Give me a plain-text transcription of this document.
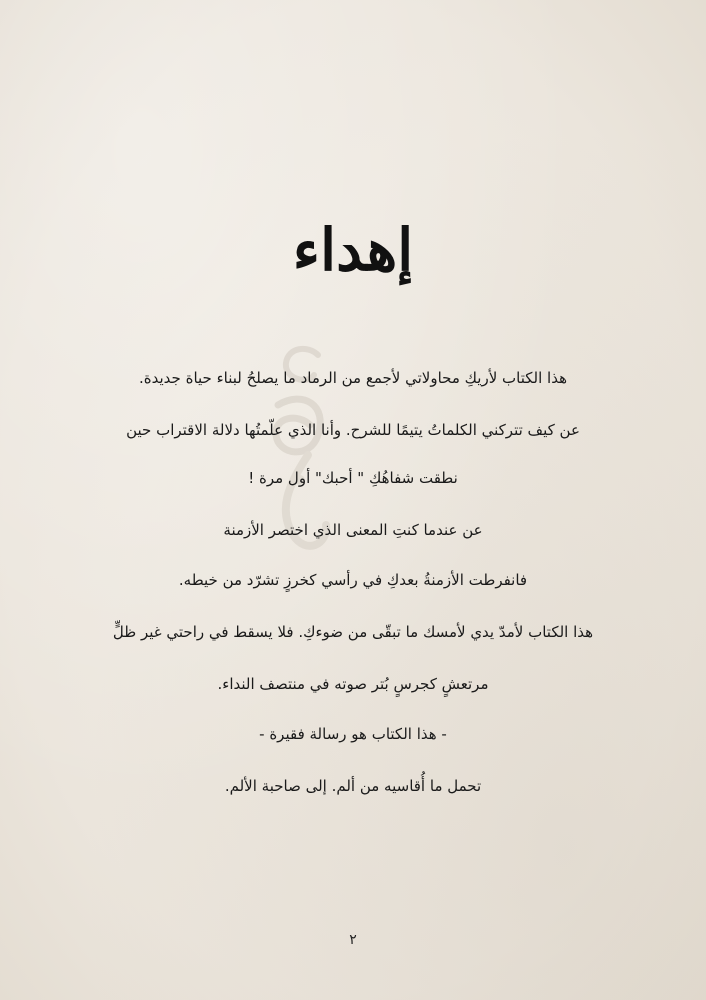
إهداء
هذا الكتاب لأريكِ محاولاتي لأجمع من الرماد ما يصلحُ لبناء حياة جديدة.
عن كيف تتركني الكلماتُ يتيمًا للشرح. وأنا الذي علّمتُها دلالة الاقتراب حين
نطقت شفاهُكِ " أحبك" أول مرة !
عن عندما كنتِ المعنى الذي اختصر الأزمنة
فانفرطت الأزمنةُ بعدكِ في رأسي كخرزٍ تشرّد من خيطه.
هذا الكتاب لأمدّ يدي لأمسك ما تبقّى من ضوءكِ. فلا يسقط في راحتي غير ظلٍّ
مرتعشٍ كجرسٍ بُتر صوته في منتصف النداء.
- هذا الكتاب هو رسالة فقيرة -
تحمل ما أُقاسيه من ألم. إلى صاحبة الألم.
٢
